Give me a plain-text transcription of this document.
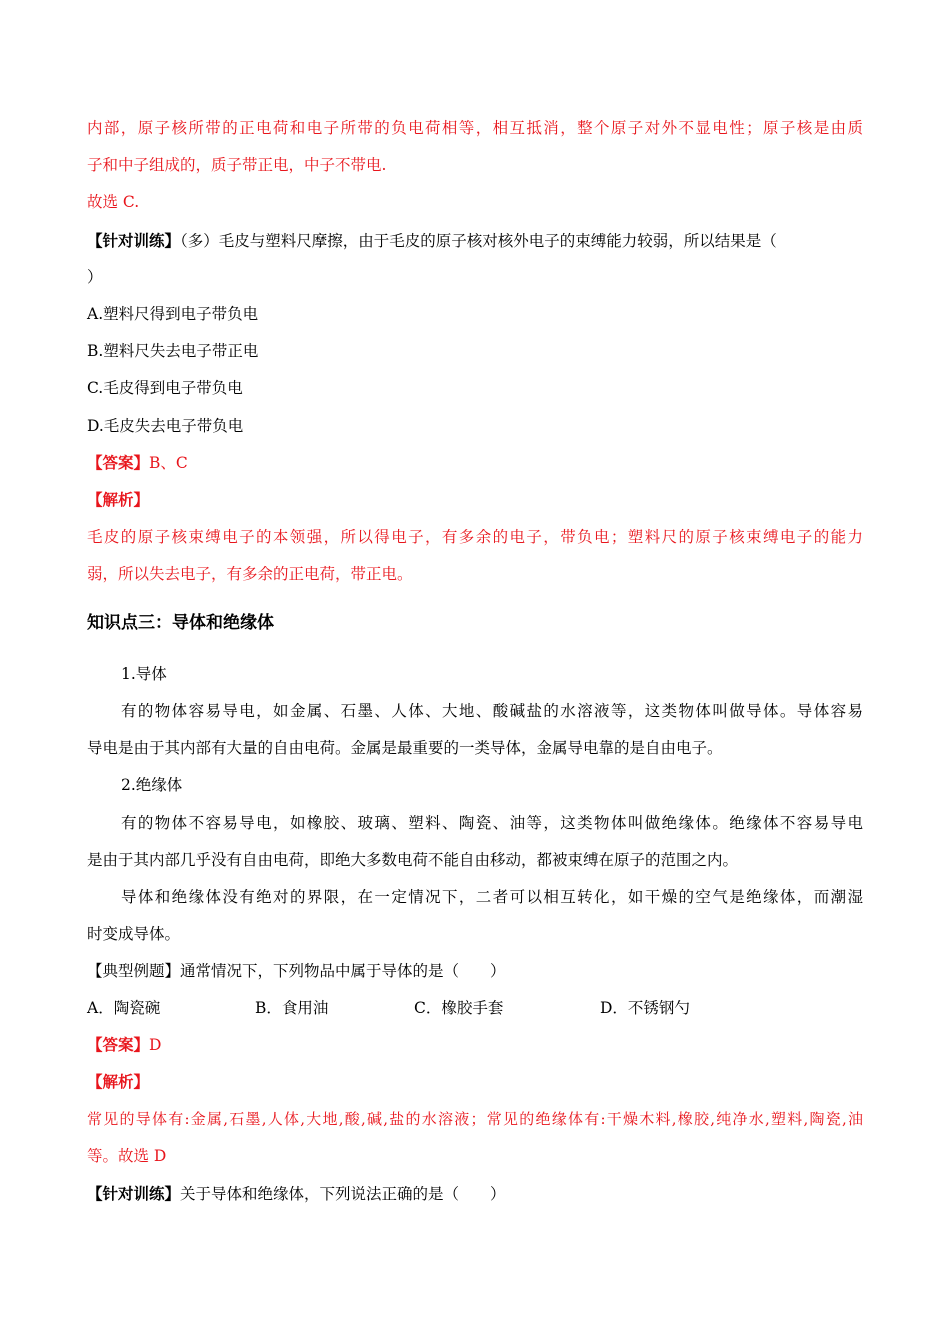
内部，原子核所带的正电荷和电子所带的负电荷相等，相互抵消，整个原子对外不显电性；原子核是由质
子和中子组成的，质子带正电，中子不带电.
故选 C.
【针对训练】（多）毛皮与塑料尺摩擦，由于毛皮的原子核对核外电子的束缚能力较弱，所以结果是（
）
A.塑料尺得到电子带负电
B.塑料尺失去电子带正电
C.毛皮得到电子带负电
D.毛皮失去电子带负电
【答案】B、C
【解析】
毛皮的原子核束缚电子的本领强，所以得电子，有多余的电子，带负电；塑料尺的原子核束缚电子的能力
弱，所以失去电子，有多余的正电荷，带正电。
知识点三：导体和绝缘体
1.导体
有的物体容易导电，如金属、石墨、人体、大地、酸碱盐的水溶液等，这类物体叫做导体。导体容易
导电是由于其内部有大量的自由电荷。金属是最重要的一类导体，金属导电靠的是自由电子。
2.绝缘体
有的物体不容易导电，如橡胶、玻璃、塑料、陶瓷、油等，这类物体叫做绝缘体。绝缘体不容易导电
是由于其内部几乎没有自由电荷，即绝大多数电荷不能自由移动，都被束缚在原子的范围之内。
导体和绝缘体没有绝对的界限，在一定情况下，二者可以相互转化，如干燥的空气是绝缘体，而潮湿
时变成导体。
【典型例题】通常情况下，下列物品中属于导体的是（　　）
A．陶瓷碗	B．食用油	C．橡胶手套	D．不锈钢勺
【答案】D
【解析】
常见的导体有:金属,石墨,人体,大地,酸,碱,盐的水溶液；常见的绝缘体有:干燥木料,橡胶,纯净水,塑料,陶瓷,油
等。故选 D
【针对训练】关于导体和绝缘体，下列说法正确的是（　　）
